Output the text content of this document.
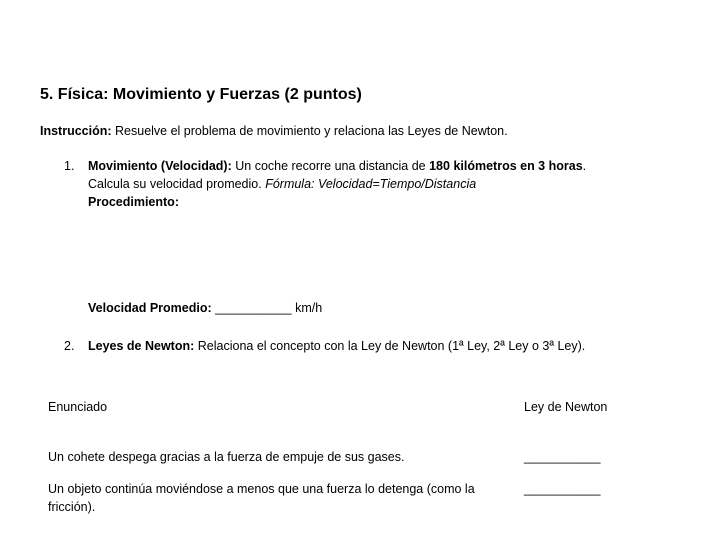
5. Física: Movimiento y Fuerzas (2 puntos)

Instrucción: Resuelve el problema de movimiento y relaciona las Leyes de Newton.

1. Movimiento (Velocidad): Un coche recorre una distancia de 180 kilómetros en 3 horas. Calcula su velocidad promedio. Fórmula: Velocidad=Tiempo/Distancia
Procedimiento:
Velocidad Promedio: ___________ km/h
2. Leyes de Newton: Relaciona el concepto con la Ley de Newton (1ª Ley, 2ª Ley o 3ª Ley).
Enunciado	Ley de Newton
Un cohete despega gracias a la fuerza de empuje de sus gases.	___________
Un objeto continúa moviéndose a menos que una fuerza lo detenga (como la fricción).
___________
